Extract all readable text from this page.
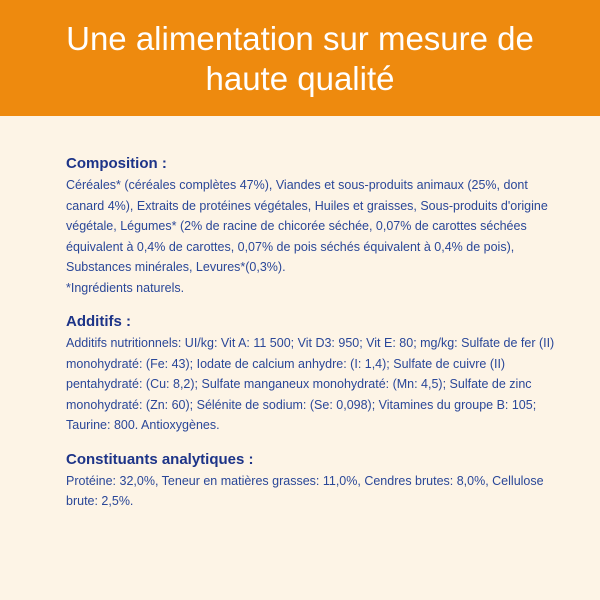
Une alimentation sur mesure de haute qualité
Composition :

Céréales* (céréales complètes 47%), Viandes et sous-produits animaux (25%, dont canard 4%), Extraits de protéines végétales, Huiles et graisses, Sous-produits d'origine végétale, Légumes* (2% de racine de chicorée séchée, 0,07% de carottes séchées équivalent à 0,4% de carottes, 0,07% de pois séchés équivalent à 0,4% de pois), Substances minérales, Levures*(0,3%).

*Ingrédients naturels.

Additifs :

Additifs nutritionnels: UI/kg: Vit A: 11 500; Vit D3: 950; Vit E: 80; mg/kg: Sulfate de fer (II) monohydraté: (Fe: 43); Iodate de calcium anhydre: (I: 1,4); Sulfate de cuivre (II) pentahydraté: (Cu: 8,2); Sulfate manganeux monohydraté: (Mn: 4,5); Sulfate de zinc monohydraté: (Zn: 60); Sélénite de sodium: (Se: 0,098); Vitamines du groupe B: 105; Taurine: 800. Antioxygènes.

Constituants analytiques :

Protéine: 32,0%, Teneur en matières grasses: 11,0%, Cendres brutes: 8,0%, Cellulose brute: 2,5%.
